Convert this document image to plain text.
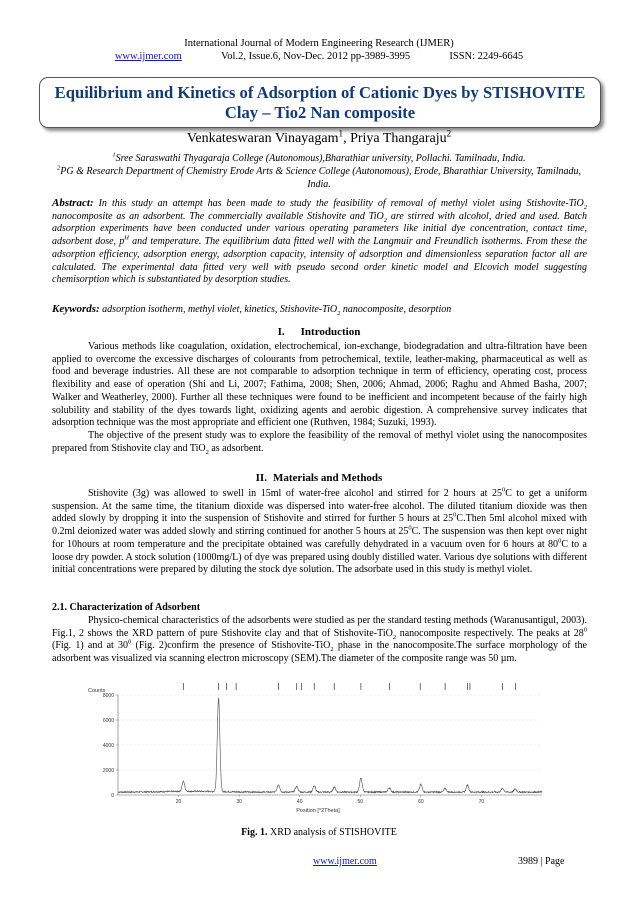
International Journal of Modern Engineering Research (IJMER)
www.ijmer.com	Vol.2, Issue.6, Nov-Dec. 2012 pp-3989-3995	ISSN: 2249-6645
Equilibrium and Kinetics of Adsorption of Cationic Dyes by STISHOVITE
Clay – Tio2 Nan composite
Venkateswaran Vinayagam$^1$, Priya Thangaraju$^2$
$^1$Sree Saraswathi Thyagaraja College (Autonomous),Bharathiar university, Pollachi. Tamilnadu, India.
$^2$PG & Research Department of Chemistry Erode Arts & Science College (Autonomous), Erode, Bharathiar University, Tamilnadu, India.
Abstract: In this study an attempt has been made to study the feasibility of removal of methyl violet using Stishovite-TiO$_2$ nanocomposite as an adsorbent. The commercially available Stishovite and TiO$_2$ are stirred with alcohol, dried and used. Batch adsorption experiments have been conducted under various operating parameters like initial dye concentration, contact time, adsorbent dose, $p^H$ and temperature. The equilibrium data fitted well with the Langmuir and Freundlich isotherms. From these the adsorption efficiency, adsorption energy, adsorption capacity, intensity of adsorption and dimensionless separation factor all are calculated. The experimental data fitted very well with pseudo second order kinetic model and Elcovich model suggesting chemisorption which is substantiated by desorption studies.
Keywords: adsorption isotherm, methyl violet, kinetics, Stishovite-TiO$_2$ nanocomposite, desorption
I. Introduction

Various methods like coagulation, oxidation, electrochemical, ion-exchange, biodegradation and ultra-filtration have been applied to overcome the excessive discharges of colourants from petrochemical, textile, leather-making, pharmaceutical as well as food and beverage industries. All these are not comparable to adsorption technique in term of efficiency, operating cost, process flexibility and ease of operation (Shi and Li, 2007; Fathima, 2008; Shen, 2006; Ahmad, 2006; Raghu and Ahmed Basha, 2007; Walker and Weatherley, 2000). Further all these techniques were found to be inefficient and incompetent because of the fairly high solubility and stability of the dyes towards light, oxidizing agents and aerobic digestion. A comprehensive survey indicates that adsorption technique was the most appropriate and efficient one (Ruthven, 1984; Suzuki, 1993).

The objective of the present study was to explore the feasibility of the removal of methyl violet using the nanocomposites prepared from Stishovite clay and TiO$_2$ as adsorbent.

II. Materials and Methods

Stishovite (3g) was allowed to swell in 15ml of water-free alcohol and stirred for 2 hours at $25^0C$ to get a uniform suspension. At the same time, the titanium dioxide was dispersed into water-free alcohol. The diluted titanium dioxide was then added slowly by dropping it into the suspension of Stishovite and stirred for further 5 hours at $25^0C.Then$ 5ml alcohol mixed with 0.2ml deionized water was added slowly and stirring continued for another 5 hours at $25^0C$. The suspension was then kept over night for 10hours at room temperature and the precipitate obtained was carefully dehydrated in a vacuum oven for 6 hours at $80^0C$ to a loose dry powder. A stock solution (1000mg/L) of dye was prepared using doubly distilled water. Various dye solutions with different initial concentrations were prepared by diluting the stock dye solution. The adsorbate used in this study is methyl violet.

2.1. Characterization of Adsorbent

Physico-chemical characteristics of the adsorbents were studied as per the standard testing methods (Waranusantigul, 2003). Fig.1, 2 shows the XRD pattern of pure Stishovite clay and that of Stishovite-TiO$_2$ nanocomposite respectively. The peaks at $28^0$ (Fig. 1) and at $30^0$ (Fig. 2)confirm the presence of Stishovite-TiO$_2$ phase in the nanocomposite.The surface morphology of the adsorbent was visualized via scanning electron microscopy (SEM).The diameter of the composite range was 50 µm.

Counts
8000
6000
4000
2000
0
20	30	40	50	60	70
Position [°2Theta]
Fig. 1. XRD analysis of STISHOVITE
www.ijmer.com	3989 | Page
